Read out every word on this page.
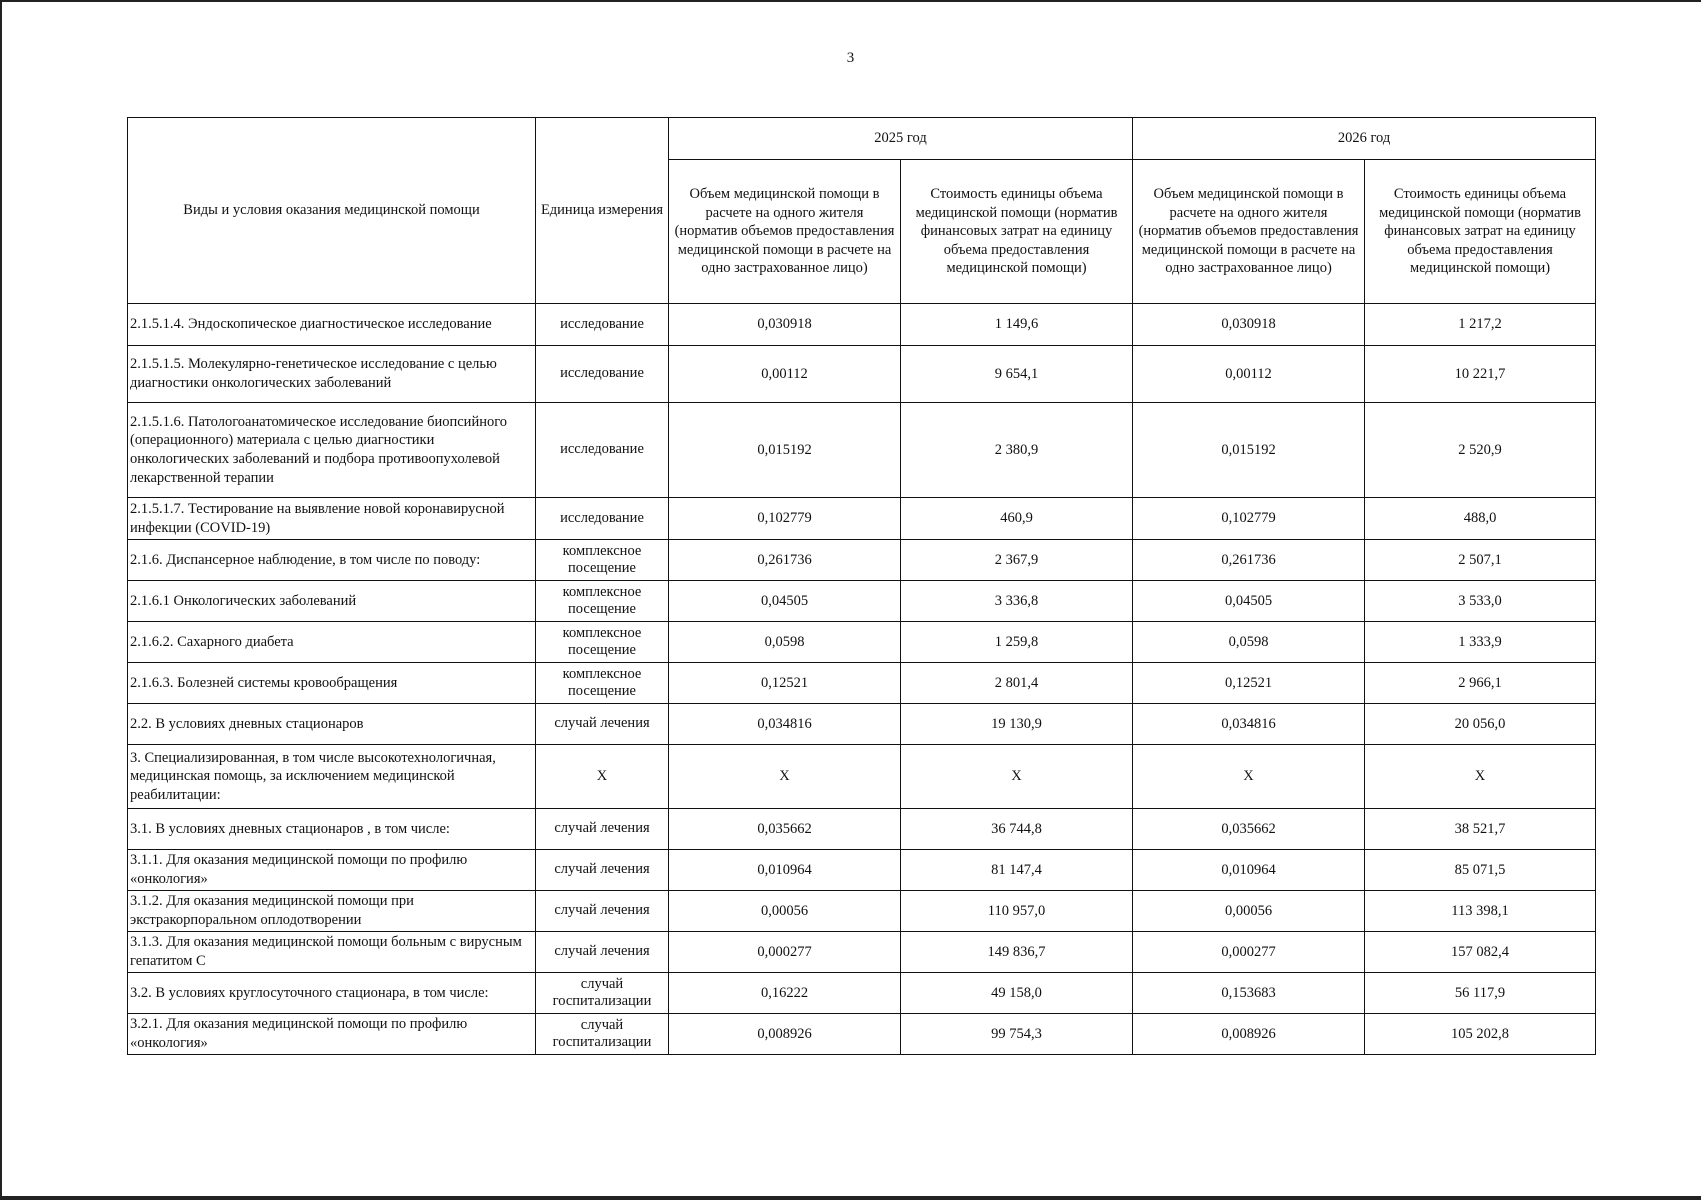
3
Виды и условия оказания медицинской помощи	Единица измерения	2025 год		2026 год	
		Объем медицинской помощи в расчете на одного жителя (норматив объемов предоставления медицинской помощи в расчете на одно застрахованное лицо)	Стоимость единицы объема медицинской помощи (норматив финансовых затрат на единицу объема предоставления медицинской помощи)	Объем медицинской помощи в расчете на одного жителя (норматив объемов предоставления медицинской помощи в расчете на одно застрахованное лицо)	Стоимость единицы объема медицинской помощи (норматив финансовых затрат на единицу объема предоставления медицинской помощи)
2.1.5.1.4. Эндоскопическое диагностическое исследование	исследование	0,030918	1 149,6	0,030918	1 217,2
2.1.5.1.5. Молекулярно-генетическое исследование с целью диагностики онкологических заболеваний	исследование	0,00112	9 654,1	0,00112	10 221,7
2.1.5.1.6. Патологоанатомическое исследование биопсийного (операционного) материала с целью диагностики онкологических заболеваний и подбора противоопухолевой лекарственной терапии	исследование	0,015192	2 380,9	0,015192	2 520,9
2.1.5.1.7. Тестирование на выявление новой коронавирусной инфекции (COVID-19)	исследование	0,102779	460,9	0,102779	488,0
2.1.6. Диспансерное наблюдение, в том числе по поводу:	комплексное посещение	0,261736	2 367,9	0,261736	2 507,1
2.1.6.1 Онкологических заболеваний	комплексное посещение	0,04505	3 336,8	0,04505	3 533,0
2.1.6.2. Сахарного диабета	комплексное посещение	0,0598	1 259,8	0,0598	1 333,9
2.1.6.3. Болезней системы кровообращения	комплексное посещение	0,12521	2 801,4	0,12521	2 966,1
2.2. В условиях дневных стационаров	случай лечения	0,034816	19 130,9	0,034816	20 056,0
3. Специализированная, в том числе высокотехнологичная, медицинская помощь, за исключением медицинской реабилитации:	Х	Х	Х	Х	Х
3.1. В условиях дневных стационаров , в том числе:	случай лечения	0,035662	36 744,8	0,035662	38 521,7
3.1.1. Для оказания медицинской помощи по профилю «онкология»	случай лечения	0,010964	81 147,4	0,010964	85 071,5
3.1.2. Для оказания медицинской помощи при экстракорпоральном оплодотворении	случай лечения	0,00056	110 957,0	0,00056	113 398,1
3.1.3. Для оказания медицинской помощи больным с вирусным гепатитом С	случай лечения	0,000277	149 836,7	0,000277	157 082,4
3.2. В условиях круглосуточного стационара, в том числе:	случай госпитализации	0,16222	49 158,0	0,153683	56 117,9
3.2.1. Для оказания медицинской помощи по профилю «онкология»	случай госпитализации	0,008926	99 754,3	0,008926	105 202,8
